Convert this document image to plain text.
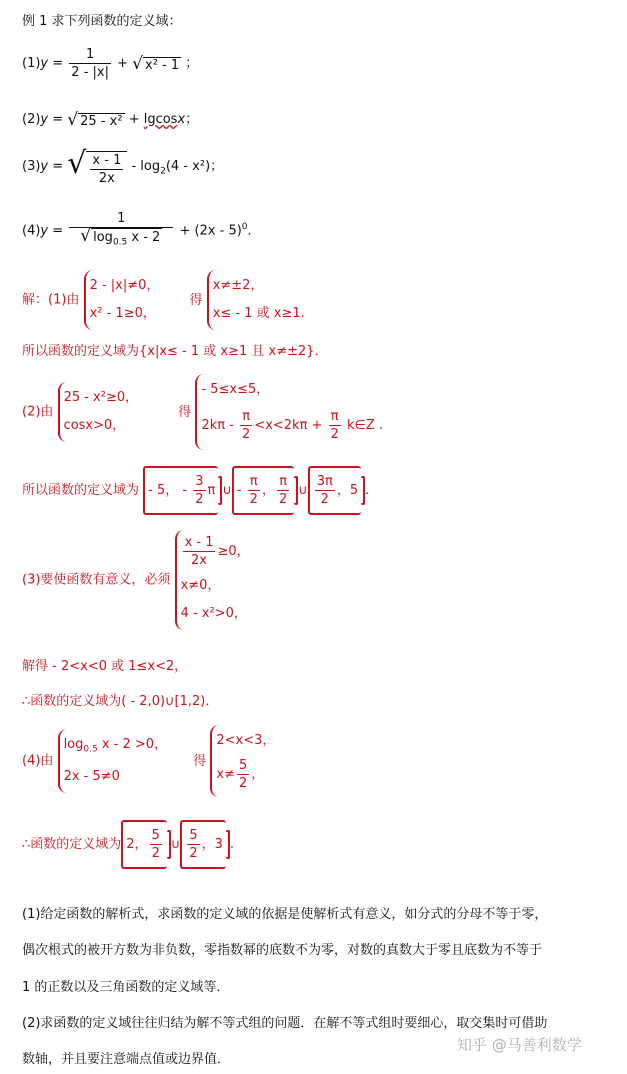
例 1 求下列函数的定义域：
$(1)y = \frac{1}{2 - |x|}$ + √ x² - 1 ；
(2)y = √ 25 - x² + lgcosx；
(3)y = √ $\frac{x - 1}{2x} - \log_2(4 - x^2)$；
$(4)y = \frac{1}{√ \log_{0.5} x - 2} + (2x - 5)^0$.
解：(1)由
2 - |x|≠0，
x² - 1≥0，
得
x≠±2，
x≤ - 1 或 x≥1.
所以函数的定义域为{x|x≤ - 1 或 x≥1 且 x≠±2}．
(2)由
25 - x²≥0，
cosx>0，
得
- 5≤x≤5，
$2k\pi - \frac{\pi}{2} <x<2k\pi + \frac{\pi}{2}$ k∈Z .
所以函数的定义域为 - 5， - $\frac{3}{2}$ π ∪- $\frac{\pi}{2}$ ， $\frac{\pi}{2}$ ∪ $\frac{3\pi}{2}$ ，5 .
(3)要使函数有意义，必须
$\frac{x - 1}{2x} \ge 0$，
x≠0，
4 - x²>0，
解得 - 2<x<0 或 1≤x<2，
∴函数的定义域为( - 2,0)∪[1,2)．
(4)由
$\log_{0.5} x - 2 >0$，
2x - 5≠0
得
2<x<3，
$x\ne \frac{5}{2}$ ，
∴函数的定义域为 2， $\frac{5}{2}$ ∪ $\frac{5}{2}$ ，3 .
(1)给定函数的解析式，求函数的定义域的依据是使解析式有意义，如分式的分母不等于零，
偶次根式的被开方数为非负数，零指数幂的底数不为零，对数的真数大于零且底数为不等于
1 的正数以及三角函数的定义域等．
(2)求函数的定义域往往归结为解不等式组的问题．在解不等式组时要细心，取交集时可借助
数轴，并且要注意端点值或边界值．
知乎 @马善利数学
